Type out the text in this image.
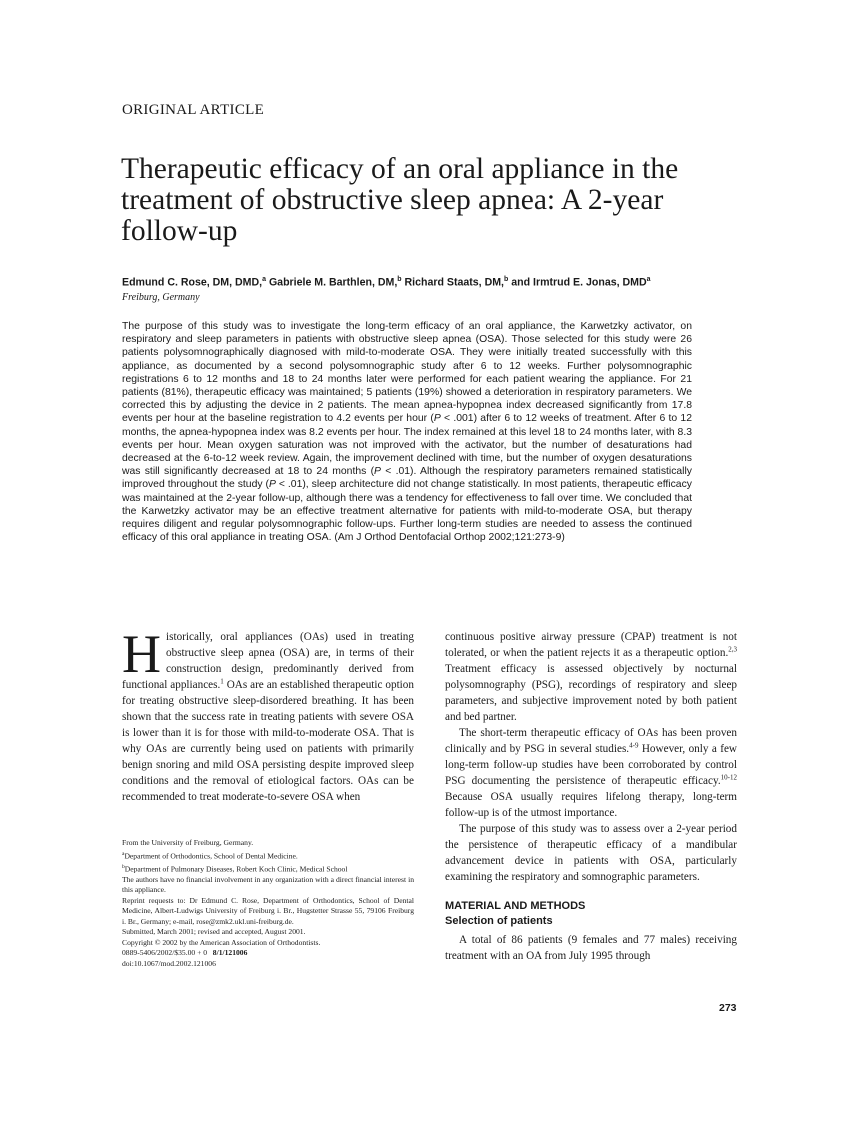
ORIGINAL ARTICLE
Therapeutic efficacy of an oral appliance in the treatment of obstructive sleep apnea: A 2-year follow-up
Edmund C. Rose, DM, DMD,$^a$ Gabriele M. Barthlen, DM,$^b$ Richard Staats, DM,$^b$ and Irmtrud E. Jonas, DMD$^a$
Freiburg, Germany

The purpose of this study was to investigate the long-term efficacy of an oral appliance, the Karwetzky activator, on respiratory and sleep parameters in patients with obstructive sleep apnea (OSA). Those selected for this study were 26 patients polysomnographically diagnosed with mild-to-moderate OSA. They were initially treated successfully with this appliance, as documented by a second polysomnographic study after 6 to 12 weeks. Further polysomnographic registrations 6 to 12 months and 18 to 24 months later were performed for each patient wearing the appliance. For 21 patients (81%), therapeutic efficacy was maintained; 5 patients (19%) showed a deterioration in respiratory parameters. We corrected this by adjusting the device in 2 patients. The mean apnea-hypopnea index decreased significantly from 17.8 events per hour at the baseline registration to 4.2 events per hour (P < .001) after 6 to 12 weeks of treatment. After 6 to 12 months, the apnea-hypopnea index was 8.2 events per hour. The index remained at this level 18 to 24 months later, with 8.3 events per hour. Mean oxygen saturation was not improved with the activator, but the number of desaturations had decreased at the 6-to-12 week review. Again, the improvement declined with time, but the number of oxygen desaturations was still significantly decreased at 18 to 24 months (P < .01). Although the respiratory parameters remained statistically improved throughout the study (P < .01), sleep architecture did not change statistically. In most patients, therapeutic efficacy was maintained at the 2-year follow-up, although there was a tendency for effectiveness to fall over time. We concluded that the Karwetzky activator may be an effective treatment alternative for patients with mild-to-moderate OSA, but therapy requires diligent and regular polysomnographic follow-ups. Further long-term studies are needed to assess the continued efficacy of this oral appliance in treating OSA. (Am J Orthod Dentofacial Orthop 2002;121:273-9)

Historically, oral appliances (OAs) used in treating obstructive sleep apnea (OSA) are, in terms of their construction design, predominantly derived from functional appliances.$^1$ OAs are an established therapeutic option for treating obstructive sleep-disordered breathing. It has been shown that the success rate in treating patients with severe OSA is lower than it is for those with mild-to-moderate OSA. That is why OAs are currently being used on patients with primarily benign snoring and mild OSA persisting despite improved sleep conditions and the removal of etiological factors. OAs can be recommended to treat moderate-to-severe OSA when

From the University of Freiburg, Germany.
$^a$Department of Orthodontics, School of Dental Medicine.
$^b$Department of Pulmonary Diseases, Robert Koch Clinic, Medical School
The authors have no financial involvement in any organization with a direct financial interest in this appliance.
Reprint requests to: Dr Edmund C. Rose, Department of Orthodontics, School of Dental Medicine, Albert-Ludwigs University of Freiburg i. Br., Hugstetter Strasse 55, 79106 Freiburg i. Br., Germany; e-mail, rose@zmk2.ukl.uni-freiburg.de.
Submitted, March 2001; revised and accepted, August 2001.
Copyright © 2002 by the American Association of Orthodontists.
0889-5406/2002/$35.00 + 0 8/1/121006
doi:10.1067/mod.2002.121006

continuous positive airway pressure (CPAP) treatment is not tolerated, or when the patient rejects it as a therapeutic option.$^{2,3}$ Treatment efficacy is assessed objectively by nocturnal polysomnography (PSG), recordings of respiratory and sleep parameters, and subjective improvement noted by both patient and bed partner.

The short-term therapeutic efficacy of OAs has been proven clinically and by PSG in several studies.$^{4-9}$ However, only a few long-term follow-up studies have been corroborated by control PSG documenting the persistence of therapeutic efficacy.$^{10-12}$ Because OSA usually requires lifelong therapy, long-term follow-up is of the utmost importance.

The purpose of this study was to assess over a 2-year period the persistence of therapeutic efficacy of a mandibular advancement device in patients with OSA, particularly examining the respiratory and somnographic parameters.

MATERIAL AND METHODS
Selection of patients

A total of 86 patients (9 females and 77 males) receiving treatment with an OA from July 1995 through

273
